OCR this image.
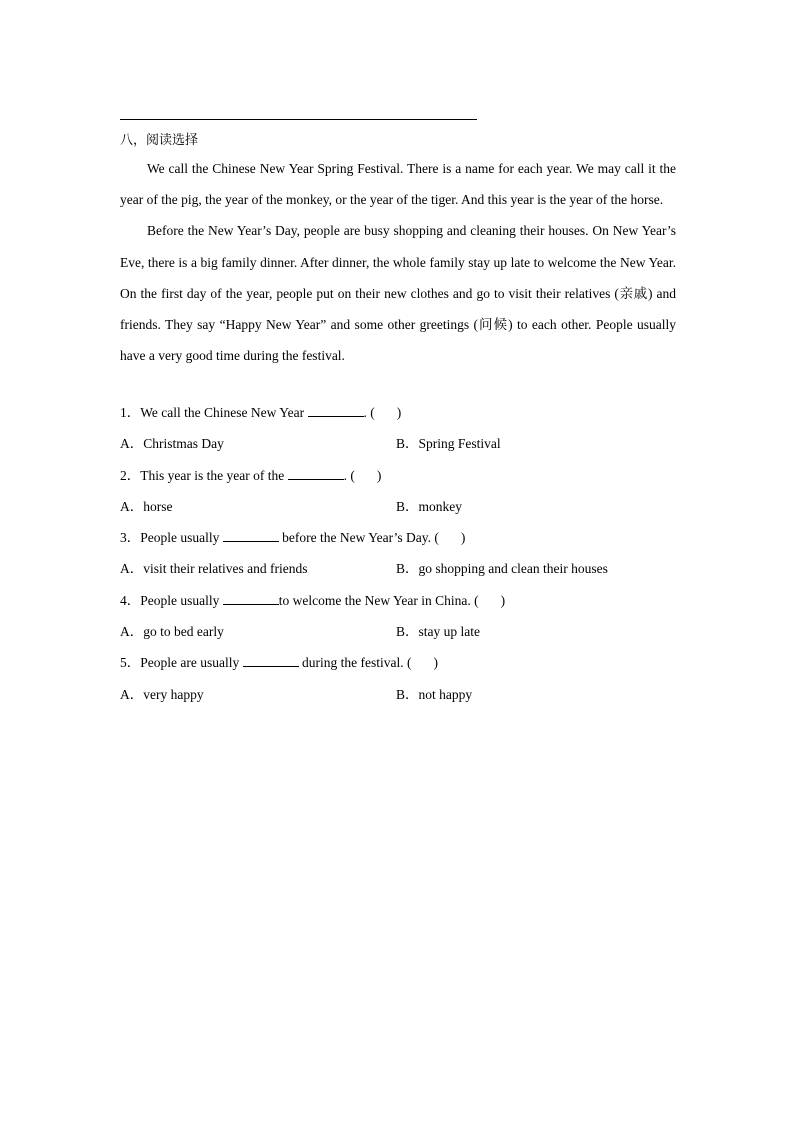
八，阅读选择

We call the Chinese New Year Spring Festival. There is a name for each year. We may call it the year of the pig, the year of the monkey, or the year of the tiger. And this year is the year of the horse.

Before the New Year’s Day, people are busy shopping and cleaning their houses. On New Year’s Eve, there is a big family dinner. After dinner, the whole family stay up late to welcome the New Year. On the first day of the year, people put on their new clothes and go to visit their relatives (亲戚) and friends. They say “Happy New Year” and some other greetings (问候) to each other. People usually have a very good time during the festival.

1．We call the Chinese New Year	. ( )
A．Christmas Day	B．Spring Festival
2．This year is the year of the	. ( )
A．horse	B．monkey
3．People usually	before the New Year’s Day. ( )
A．visit their relatives and friends	B．go shopping and clean their houses
4．People usually	to welcome the New Year in China. ( )
A．go to bed early	B．stay up late
5．People are usually	during the festival. ( )
A．very happy	B．not happy
